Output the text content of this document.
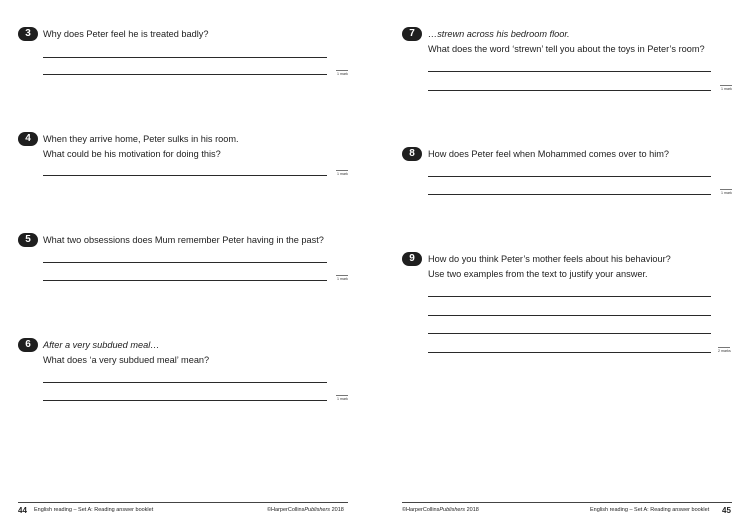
3	Why does Peter feel he is treated badly?
1 mark
4	When they arrive home, Peter sulks in his room.
What could be his motivation for doing this?
1 mark
5	What two obsessions does Mum remember Peter having in the past?
1 mark
6	After a very subdued meal…
What does ‘a very subdued meal’ mean?
1 mark
44 English reading – Set A: Reading answer booklet	©HarperCollinsPublishers 2018
7	…strewn across his bedroom floor.
What does the word ‘strewn’ tell you about the toys in Peter’s room?
1 mark
8	How does Peter feel when Mohammed comes over to him?
1 mark
9	How do you think Peter’s mother feels about his behaviour?
Use two examples from the text to justify your answer.
2 marks
©HarperCollinsPublishers 2018	English reading – Set A: Reading answer booklet 45
